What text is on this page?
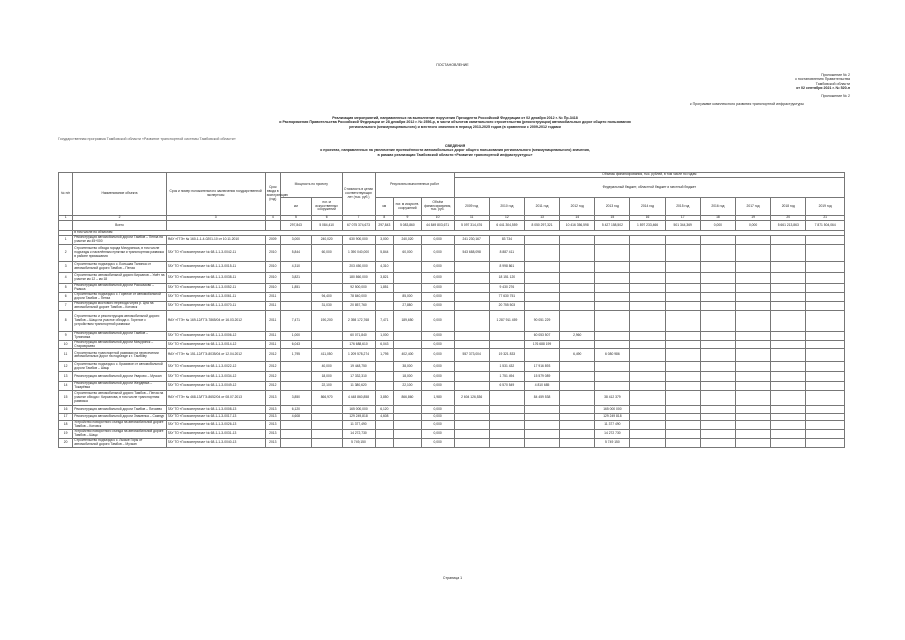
ПОСТАНОВЛЕНИЕ
Приложение № 2
к постановлению Правительства
Тамбовской области
от 02 сентября 2021 г. № 520-п
Приложение № 2
к Программе комплексного развития транспортной инфраструктуры
Реализация мероприятий, направленных на выполнение поручения Президента Российской Федерации от 02 декабря 2012 г. № Пр-3418
и Распоряжения Правительства Российской Федерации от 28 декабря 2012 г. № 2556-р, в части объектов капитального строительства (реконструкции) автомобильных дорог общего пользования
регионального (межмуниципального) и местного значения в период 2013-2025 годов (в сравнении с 2009-2012 годами
Государственная программа Тамбовской области «Развитие транспортной системы Тамбовской области»
СВЕДЕНИЯ
о проектах, направленных на увеличение протяжённости автомобильных дорог общего пользования регионального (межмуниципального) значения,
в рамках реализации Тамбовской области «Развитие транспортной инфраструктуры»
№ п/п	Наименование объекта	Срок и номер положительного заключения государственной экспертизы	Срок ввода в эксплуатацию (год)	Мощность по проекту		Стоимость в ценах соответствующих лет (тыс. руб.)	Результаты выполненных работ			Объемы финансирования, тыс. рублей, в том числе по годам										
										Федеральный бюджет, областной бюджет и местный бюджет										
				км	пог. м искусственных сооружений		км	пог. м искусств. сооружений	Объём финансирования, тыс. руб.	2009 год	2010 год	2011 год	2012 год	2013 год	2014 год	2015 год	2016 год	2017 год	2018 год	2019 год
1	2	3	4	5	6	7	8	9	10	11	12	13	14	15	16	17	18	19	20	21
	Всего			297,843	5 084,410	67 075 374,673	297,843	5 083,860	44 849 803,671	5 097 314,476	6 441 304,559	8 050 297,321	10 416 356,598	5 427 158,502	1 897 233,466	501 344,369	0,000	0,000	5 661 213,863	7 871 504,064
	в том числе по объектам																			
1	Реконструкция автомобильной дороги Тамбов – Пенза на участке км 45+000	ФАУ «ГГЭ» № 160-1-1-4-0201-10 от 10.11.2010	2009	3,000	240,020	630 900,000	3,000	240,020	0,000	241 230,167	83 734									
2	Строительство обхода города Мичуринска, в том числе подъезды к населённым пунктам и транспортная развязка в районе примыкания	ГАУ ТО «Госэкспертиза» № 68-1-1-3-0042-11	2010	5,844	60,000	1 390 040,000	5,844	60,000	0,000	543 688,098	8 887 411									
3	Строительство подъезда к с. Большая Талинка от автомобильной дороги Тамбов – Пенза	ГАУ ТО «Госэкспертиза» № 68-1-1-3-0015-11	2010	4,310		203 450,000	4,310		0,000		8 998 861									
4	Строительство автомобильной дороги Кирсанов – Умёт на участке км 12 – км 18	ГАУ ТО «Госэкспертиза» № 68-1-1-3-0038-11	2010	3,821		180 860,000	3,821		0,000		18 151 120									
5	Реконструкция автомобильной дороги Рассказово – Ржакса	ГАУ ТО «Госэкспертиза» № 68-1-1-3-0052-11	2010	1,851		92 500,000	1,851		0,000		9 430 276									
6	Строительство подъезда к с. Горелое от автомобильной дороги Тамбов – Пенза	ГАУ ТО «Госэкспертиза» № 68-1-1-3-0061-11	2011		94,400	78 840,000		85,000	0,000		77 630 751									
7	Реконструкция мостового перехода через р. Цна на автомобильной дороге Тамбов – Котовск	ГАУ ТО «Госэкспертиза» № 68-1-1-3-0070-11	2011		31,030	20 857,760		27,880	0,000		20 755 503									
8	Строительство и реконструкция автомобильной дороги Тамбов – Шацк на участке обхода с. Горелое с устройством транспортной развязки	ФАУ «ГГЭ» № 169-12/ГГЭ-7865/04 от 16.03.2012	2011	7,471	190,200	2 398 172,768	7,471	189,650	0,000		1 287 911 459	90 051 229								
9	Реконструкция автомобильной дороги Тамбов – Тулиновка	ГАУ ТО «Госэкспертиза» № 68-1-1-3-0006-12	2011	1,000		60 071,840	1,000		0,000			60 053 507	2,960							
10	Реконструкция автомобильной дороги Мичуринск – Староюрьево	ГАУ ТО «Госэкспертиза» № 68-1-1-3-0014-12	2011	6,043		176 688,610	6,043		0,000			176 688 199								
11	Строительство транспортной развязки на пересечении автомобильных дорог на подъезде к г. Тамбову	ФАУ «ГГЭ» № 151-12/ГГЭ-8035/04 от 12.04.2012	2012	1,795	411,050	1 209 578,274	1,795	402,400	0,000	557 373,004	19 321 833		6,490	6 080 986						
12	Строительство подъезда к с. Красивое от автомобильной дороги Тамбов – Шацк	ГАУ ТО «Госэкспертиза» № 68-1-1-3-0022-12	2012		40,000	19 448,750		38,000	0,000		1 531 432	17 916 893								
13	Реконструкция автомобильной дороги Уварово – Мучкап	ГАУ ТО «Госэкспертиза» № 68-1-1-3-0034-12	2012		18,000	17 332,310		18,000	0,000		1 751 494	15 579 089								
14	Реконструкция автомобильной дороги Жердевка – Токарёвка	ГАУ ТО «Госэкспертиза» № 68-1-1-3-0049-12	2012		22,100	11 380,620		22,100	0,000		6 570 549	4 810 685								
15	Строительство автомобильной дороги Тамбов – Пенза на участке обхода г. Кирсанова, в том числе транспортная развязка	ФАУ «ГГЭ» № 468-13/ГГЭ-8652/04 от 08.07.2013	2013	3,850	866,970	4 448 860,858	3,850	866,860	1,980	2 604 126,536		84 459 538		38 412 379						
16	Реконструкция автомобильной дороги Тамбов – Пичаево	ГАУ ТО «Госэкспертиза» № 68-1-1-3-0008-13	2013	6,120		165 000,000	6,120		0,000					165 000 000						
17	Реконструкция автомобильной дороги Знаменка – Сампур	ГАУ ТО «Госэкспертиза» № 68-1-1-3-0017-13	2013	4,608		129 249,818	4,608		0,000					129 249 818						
18	Устройство поворотного съезда на автомобильной дороге Тамбов – Котовск	ГАУ ТО «Госэкспертиза» № 68-1-1-3-0026-13	2013			11 377,490			0,000					11 377 490						
19	Устройство поворотного съезда на автомобильной дороге Тамбов – Шацк	ГАУ ТО «Госэкспертиза» № 68-1-1-3-0031-13	2013			14 272,730			0,000					14 272 730						
20	Строительство подъезда к с. Лысые Горы от автомобильной дороги Тамбов – Мучкап	ГАУ ТО «Госэкспертиза» № 68-1-1-3-0040-13	2013			5 749,150			0,000					5 749 150						
Страница 1
